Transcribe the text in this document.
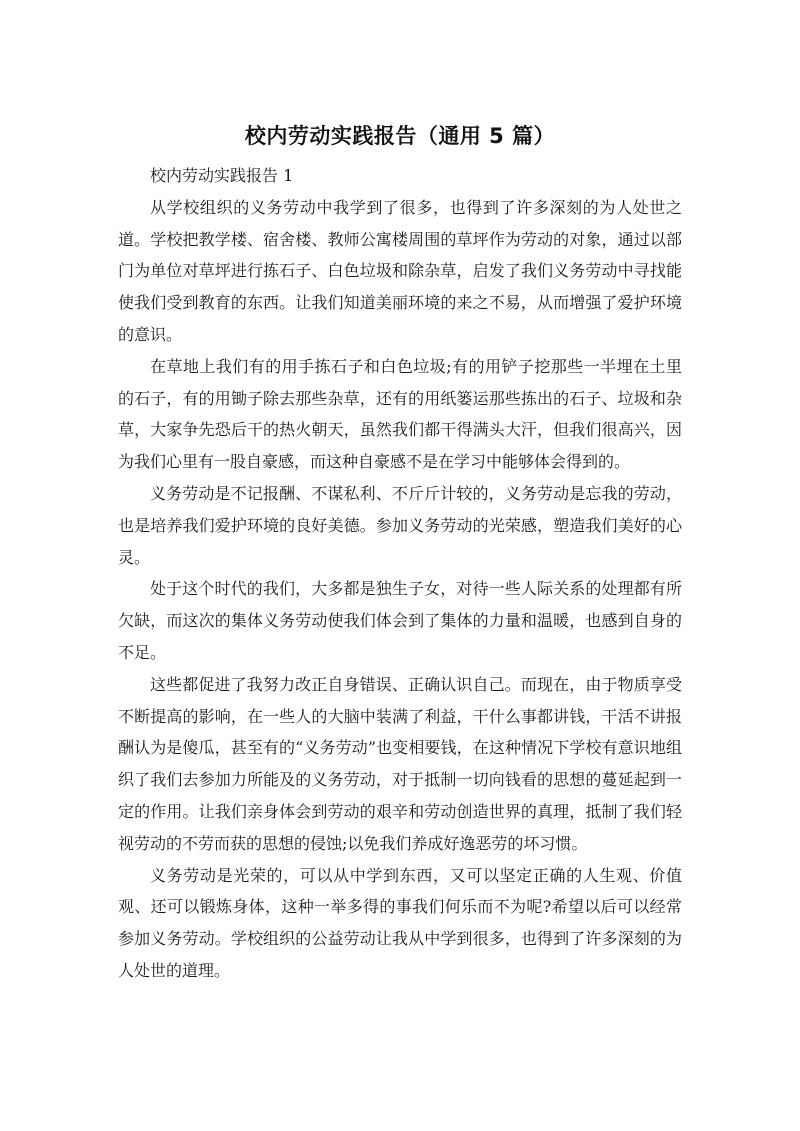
校内劳动实践报告（通用 5 篇）

校内劳动实践报告 1

从学校组织的义务劳动中我学到了很多，也得到了许多深刻的为人处世之道。学校把教学楼、宿舍楼、教师公寓楼周围的草坪作为劳动的对象，通过以部门为单位对草坪进行拣石子、白色垃圾和除杂草，启发了我们义务劳动中寻找能使我们受到教育的东西。让我们知道美丽环境的来之不易，从而增强了爱护环境的意识。

在草地上我们有的用手拣石子和白色垃圾;有的用铲子挖那些一半埋在土里的石子，有的用锄子除去那些杂草，还有的用纸篓运那些拣出的石子、垃圾和杂草，大家争先恐后干的热火朝天，虽然我们都干得满头大汗，但我们很高兴，因为我们心里有一股自豪感，而这种自豪感不是在学习中能够体会得到的。

义务劳动是不记报酬、不谋私利、不斤斤计较的，义务劳动是忘我的劳动，也是培养我们爱护环境的良好美德。参加义务劳动的光荣感，塑造我们美好的心灵。

处于这个时代的我们，大多都是独生子女，对待一些人际关系的处理都有所欠缺，而这次的集体义务劳动使我们体会到了集体的力量和温暖，也感到自身的不足。

这些都促进了我努力改正自身错误、正确认识自己。而现在，由于物质享受不断提高的影响，在一些人的大脑中装满了利益，干什么事都讲钱，干活不讲报酬认为是傻瓜，甚至有的“义务劳动”也变相要钱，在这种情况下学校有意识地组织了我们去参加力所能及的义务劳动，对于抵制一切向钱看的思想的蔓延起到一定的作用。让我们亲身体会到劳动的艰辛和劳动创造世界的真理，抵制了我们轻视劳动的不劳而获的思想的侵蚀;以免我们养成好逸恶劳的坏习惯。

义务劳动是光荣的，可以从中学到东西，又可以坚定正确的人生观、价值观、还可以锻炼身体，这种一举多得的事我们何乐而不为呢?希望以后可以经常参加义务劳动。学校组织的公益劳动让我从中学到很多，也得到了许多深刻的为人处世的道理。
